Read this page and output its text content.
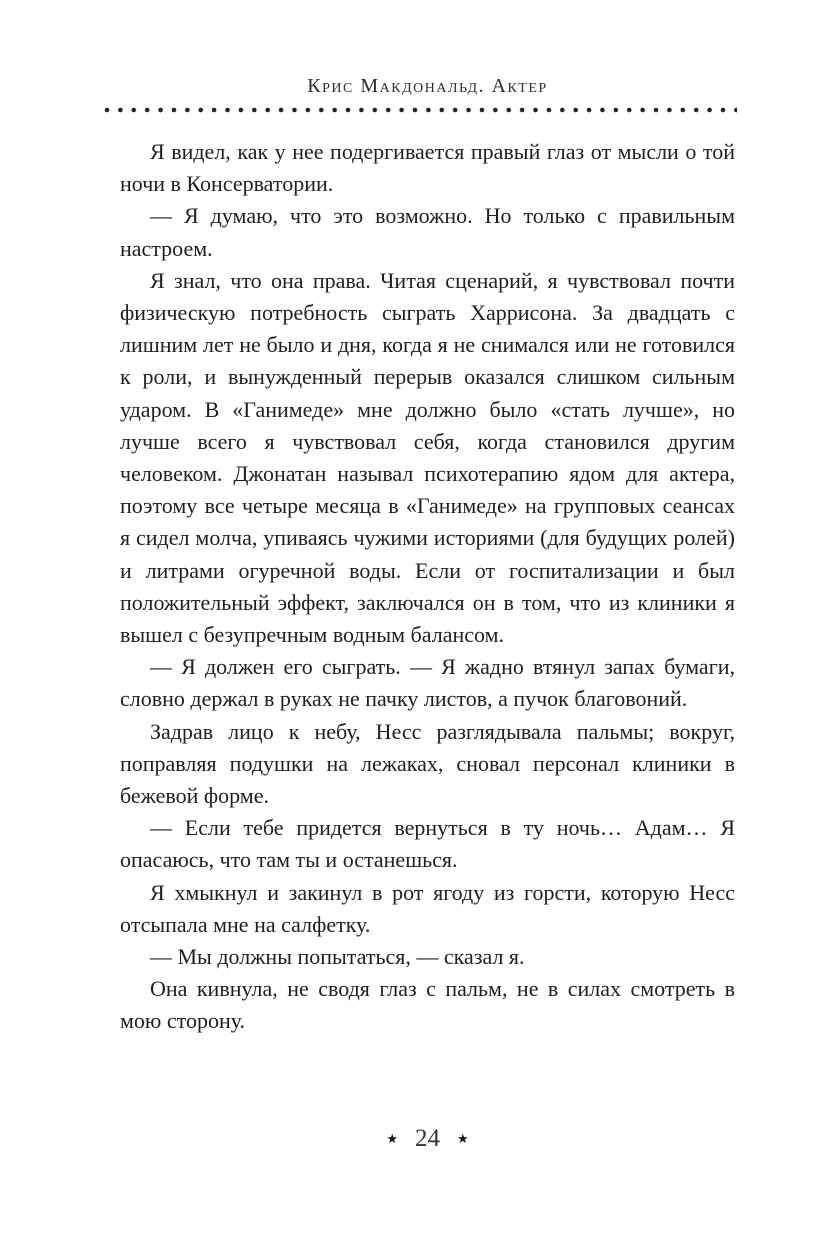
Крис Макдональд. Актер

Я видел, как у нее подергивается правый глаз от мысли о той ночи в Консерватории.

— Я думаю, что это возможно. Но только с правильным настроем.

Я знал, что она права. Читая сценарий, я чувствовал почти физическую потребность сыграть Харрисона. За двадцать с лишним лет не было и дня, когда я не снимался или не готовился к роли, и вынужденный перерыв оказался слишком сильным ударом. В «Ганимеде» мне должно было «стать лучше», но лучше всего я чувствовал себя, когда становился другим человеком. Джонатан называл психотерапию ядом для актера, поэтому все четыре месяца в «Ганимеде» на групповых сеансах я сидел молча, упиваясь чужими историями (для будущих ролей) и литрами огуречной воды. Если от госпитализации и был положительный эффект, заключался он в том, что из клиники я вышел с безупречным водным балансом.

— Я должен его сыграть. — Я жадно втянул запах бумаги, словно держал в руках не пачку листов, а пучок благовоний.

Задрав лицо к небу, Несс разглядывала пальмы; вокруг, поправляя подушки на лежаках, сновал персонал клиники в бежевой форме.

— Если тебе придется вернуться в ту ночь… Адам… Я опасаюсь, что там ты и останешься.

Я хмыкнул и закинул в рот ягоду из горсти, которую Несс отсыпала мне на салфетку.

— Мы должны попытаться, — сказал я.

Она кивнула, не сводя глаз с пальм, не в силах смотреть в мою сторону.

★ 24 ★
